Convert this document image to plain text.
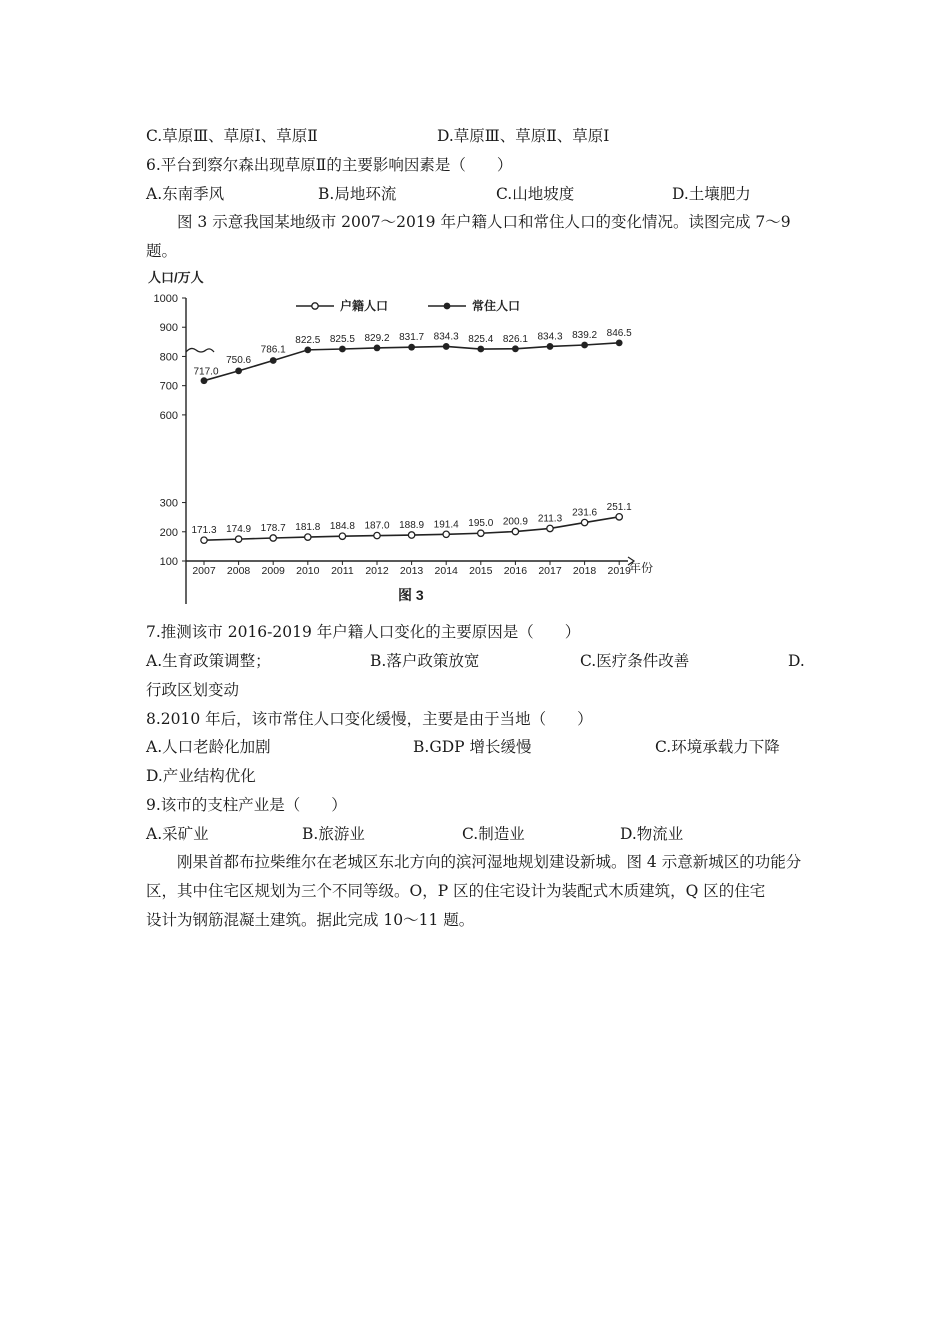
C.草原Ⅲ、草原Ⅰ、草原Ⅱ	D.草原Ⅲ、草原Ⅱ、草原Ⅰ
6.平台到察尔森出现草原Ⅱ的主要影响因素是（　　）
A.东南季风	B.局地环流	C.山地坡度	D.土壤肥力
图 3 示意我国某地级市 2007～2019 年户籍人口和常住人口的变化情况。读图完成 7～9
题。
人口/万人
100
200
300
600
700
800
900
1000
2007 2008 2009 2010 2011 2012 2013 2014 2015 2016 2017 2018 2019
户籍人口	常住人口
171.3 174.9 178.7 181.8 184.8 187.0 188.9 191.4 195.0 200.9 211.3
231.6
251.1
717.0
750.6
786.1
822.5 825.5 829.2 831.7 834.3 825.4 826.1 834.3 839.2 846.5
年份
图 3
7.推测该市 2016-2019 年户籍人口变化的主要原因是（　　）
A.生育政策调整；	B.落户政策放宽	C.医疗条件改善	D.
行政区划变动
8.2010 年后，该市常住人口变化缓慢，主要是由于当地（　　）
A.人口老龄化加剧	B.GDP 增长缓慢	C.环境承载力下降
D.产业结构优化
9.该市的支柱产业是（　　）
A.采矿业	B.旅游业	C.制造业	D.物流业
刚果首都布拉柴维尔在老城区东北方向的滨河湿地规划建设新城。图 4 示意新城区的功能分区，其中住宅区规划为三个不同等级。O，P 区的住宅设计为装配式木质建筑，Q 区的住宅
设计为钢筋混凝土建筑。据此完成 10～11 题。
